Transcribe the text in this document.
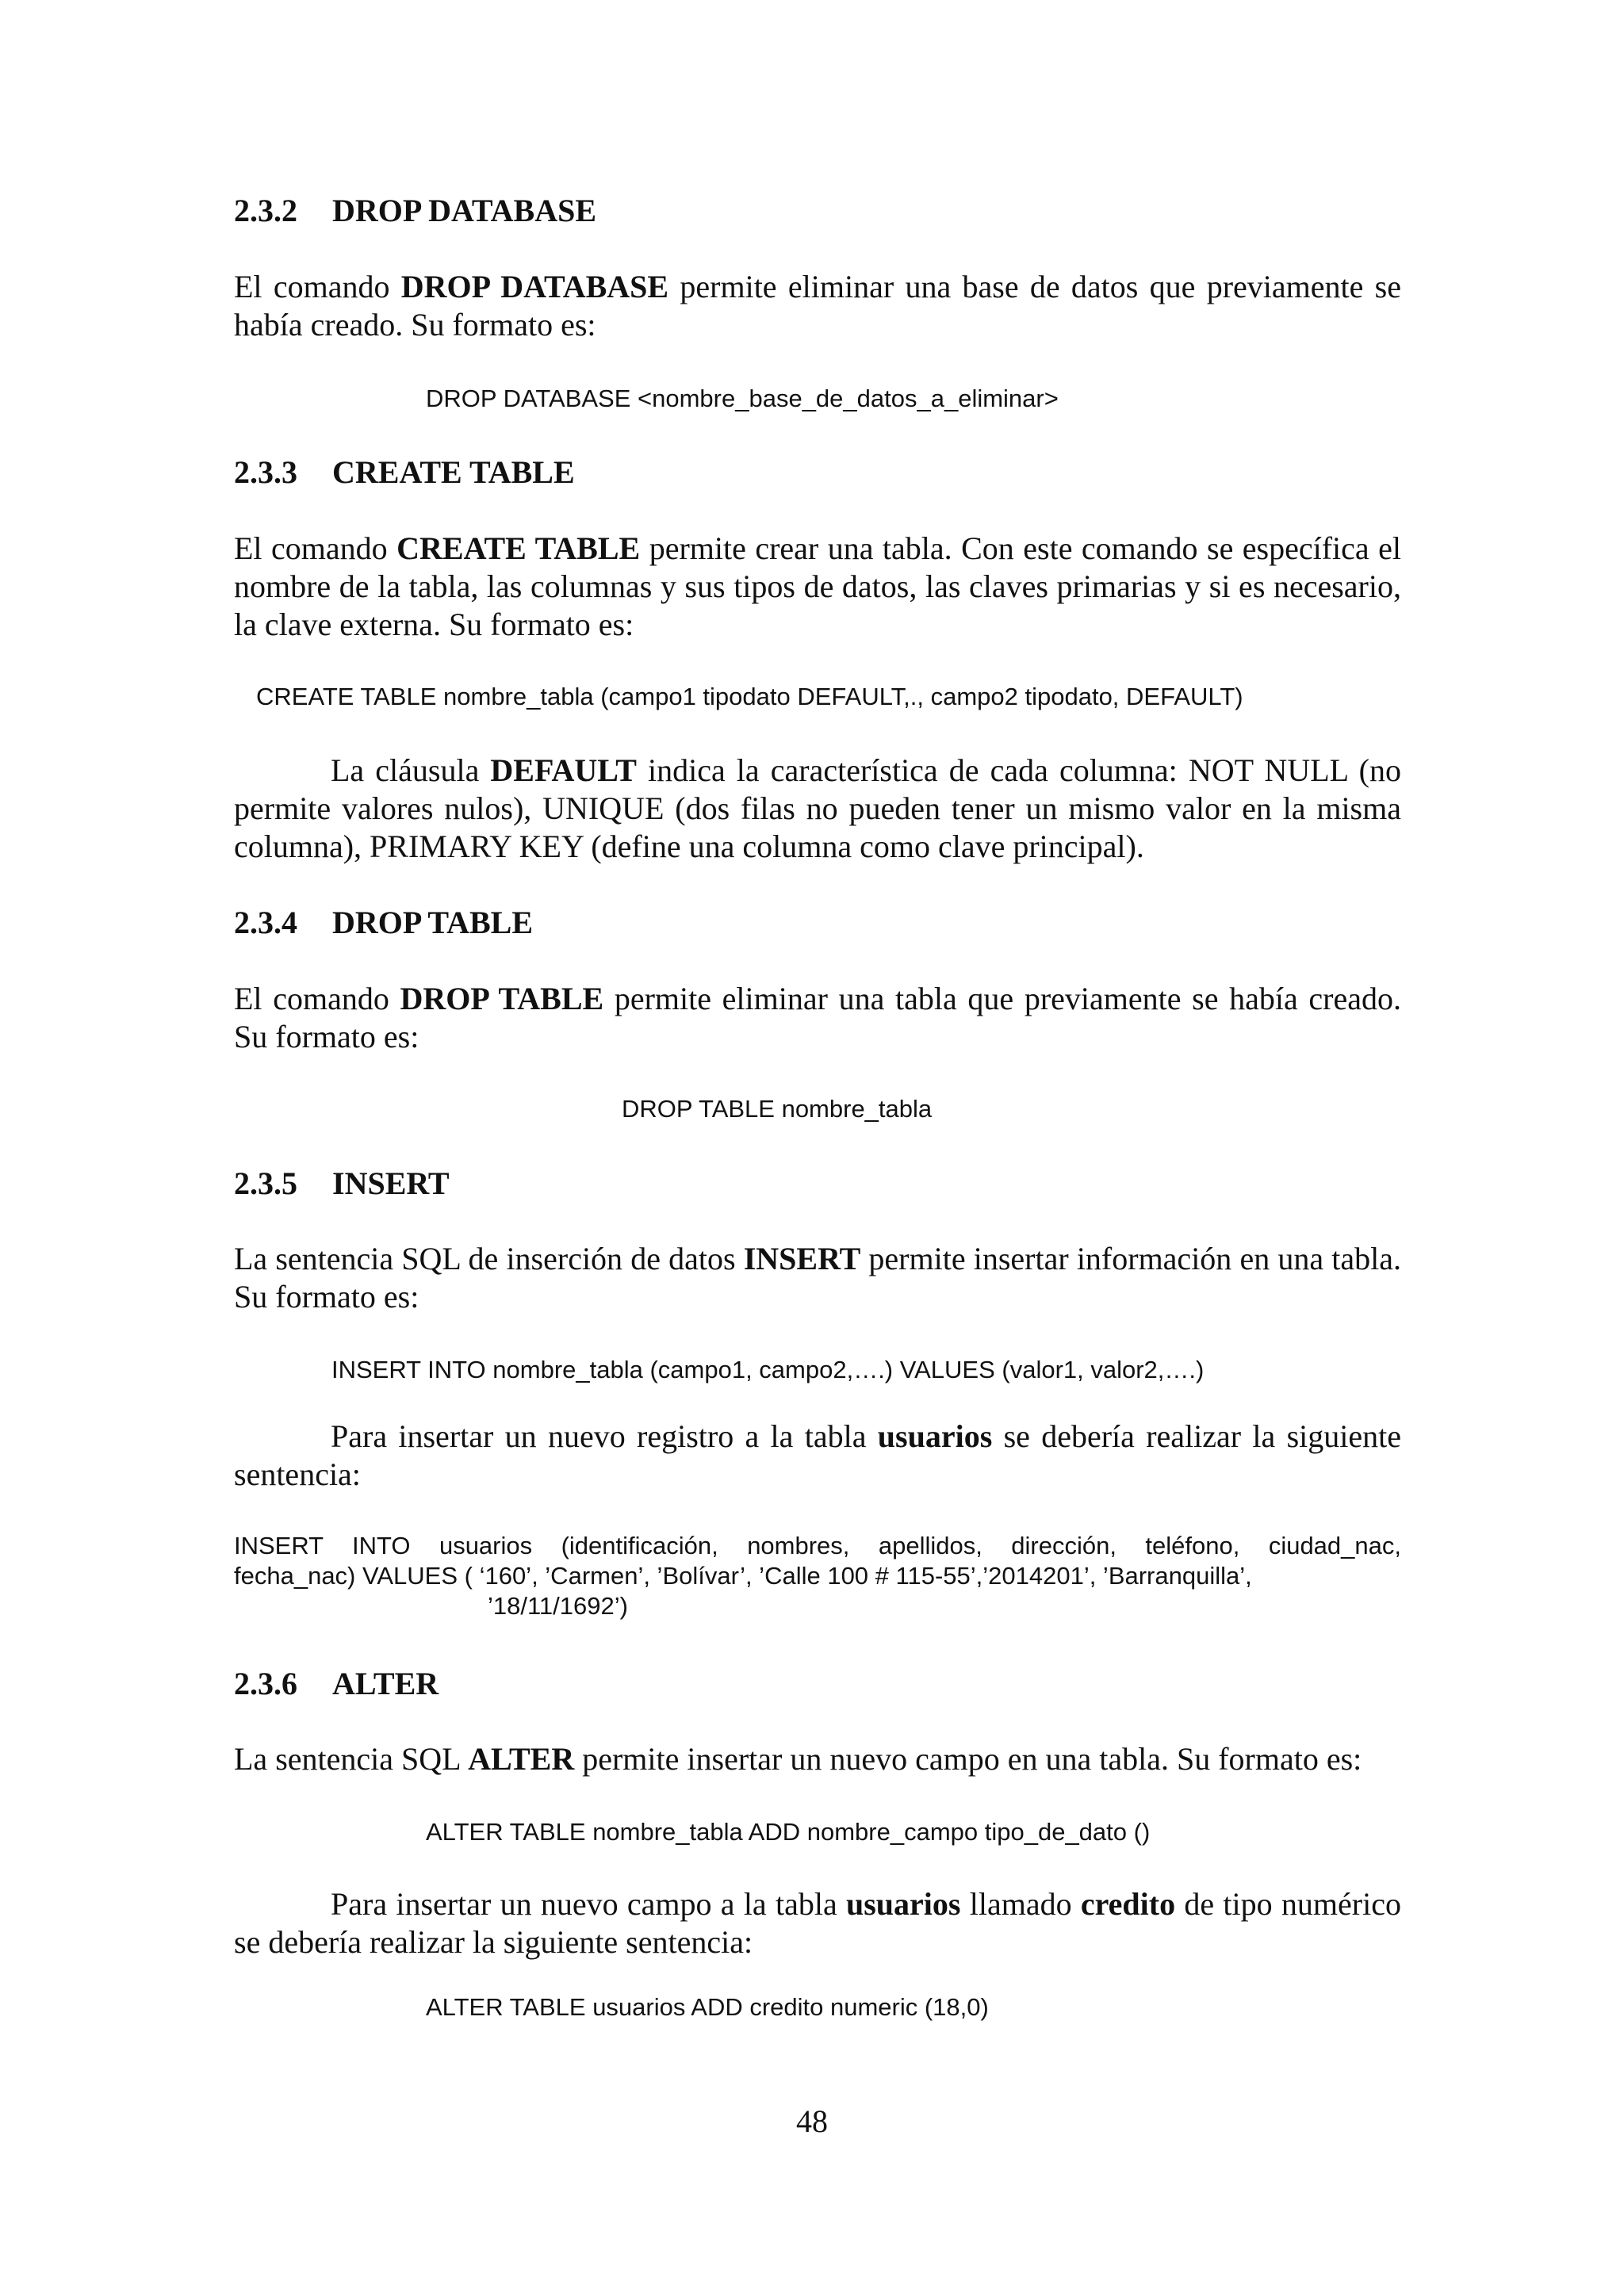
2.3.2 DROP DATABASE
El comando DROP DATABASE permite eliminar una base de datos que previamente se había creado. Su formato es:
DROP DATABASE <nombre_base_de_datos_a_eliminar>
2.3.3 CREATE TABLE
El comando CREATE TABLE permite crear una tabla. Con este comando se específica el nombre de la tabla, las columnas y sus tipos de datos, las claves primarias y si es necesario, la clave externa. Su formato es:
CREATE TABLE nombre_tabla (campo1 tipodato DEFAULT,., campo2 tipodato, DEFAULT)
La cláusula DEFAULT indica la característica de cada columna: NOT NULL (no permite valores nulos), UNIQUE (dos filas no pueden tener un mismo valor en la misma columna), PRIMARY KEY (define una columna como clave principal).
2.3.4 DROP TABLE
El comando DROP TABLE permite eliminar una tabla que previamente se había creado. Su formato es:
DROP TABLE nombre_tabla
2.3.5 INSERT
La sentencia SQL de inserción de datos INSERT permite insertar información en una tabla. Su formato es:
INSERT INTO nombre_tabla (campo1, campo2,….) VALUES (valor1, valor2,….)
Para insertar un nuevo registro a la tabla usuarios se debería realizar la siguiente sentencia:
INSERT INTO usuarios (identificación, nombres, apellidos, dirección, teléfono, ciudad_nac,
fecha_nac) VALUES ( ‘160’, ’Carmen’, ’Bolívar’, ’Calle 100 # 115-55’,’2014201’, ’Barranquilla’,
’18/11/1692’)
2.3.6 ALTER
La sentencia SQL ALTER permite insertar un nuevo campo en una tabla. Su formato es:
ALTER TABLE nombre_tabla ADD nombre_campo tipo_de_dato ()
Para insertar un nuevo campo a la tabla usuarios llamado credito de tipo numérico se debería realizar la siguiente sentencia:
ALTER TABLE usuarios ADD credito numeric (18,0)
48
